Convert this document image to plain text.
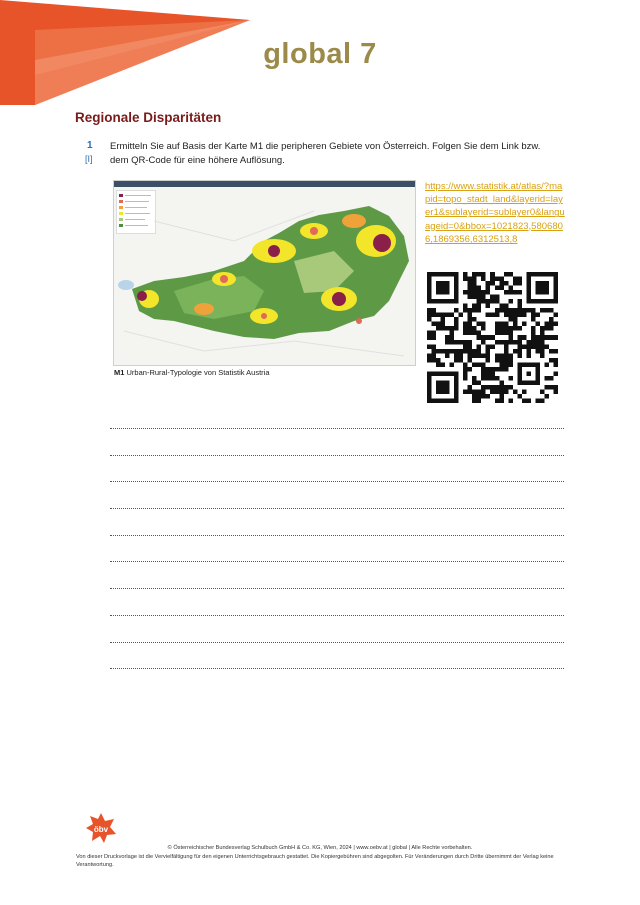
global 7
Regionale Disparitäten
1
[I]
Ermitteln Sie auf Basis der Karte M1 die peripheren Gebiete von Österreich. Folgen Sie dem Link bzw. dem QR-Code für eine höhere Auflösung.
M1 Urban-Rural-Typologie von Statistik Austria
https://www.statistik.at/atlas/?mapid=topo_stadt_land&layerid=layer1&sublayerid=sublayer0&languageid=0&bbox=1021823,5806806,1869356,6312513,8
öbv
© Österreichischer Bundesverlag Schulbuch GmbH & Co. KG, Wien, 2024 | www.oebv.at | global | Alle Rechte vorbehalten.
Von dieser Druckvorlage ist die Vervielfältigung für den eigenen Unterrichtsgebrauch gestattet. Die Kopiergebühren sind abgegolten. Für Veränderungen durch Dritte übernimmt der Verlag keine Verantwortung.
